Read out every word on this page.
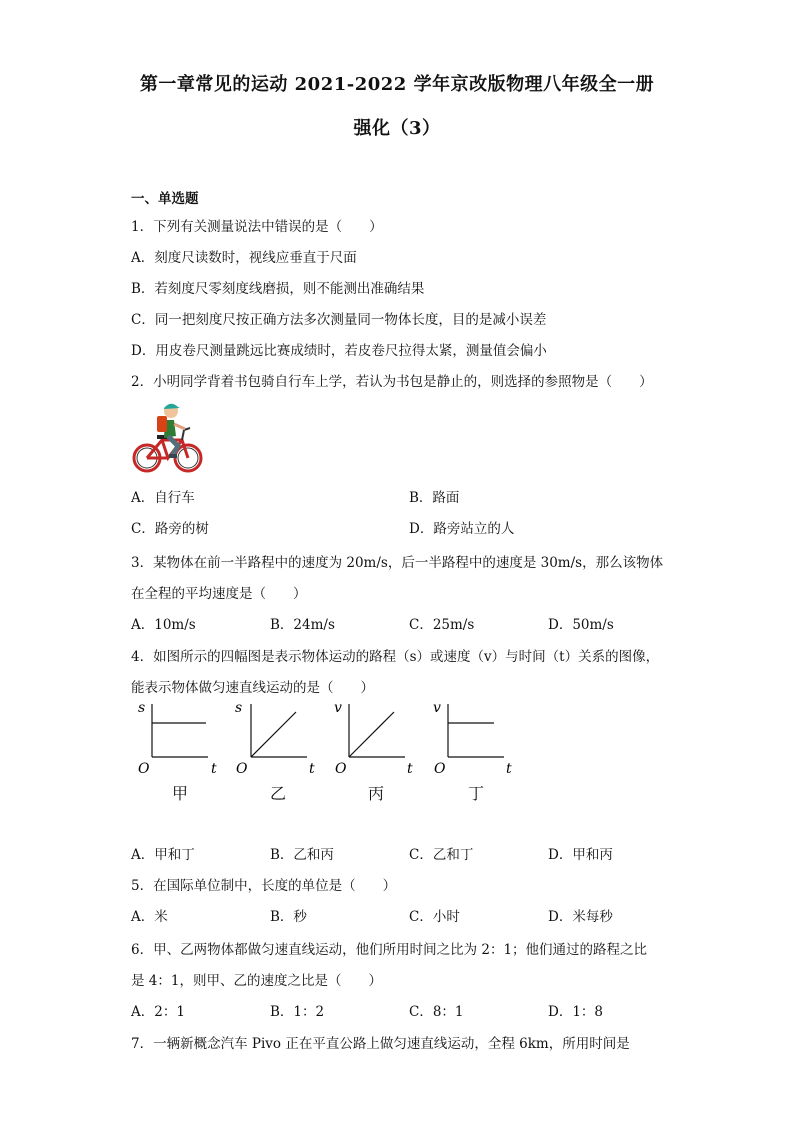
第一章常见的运动 2021-2022 学年京改版物理八年级全一册
强化（3）
一、单选题
1．下列有关测量说法中错误的是（　　）
A．刻度尺读数时，视线应垂直于尺面
B．若刻度尺零刻度线磨损，则不能测出准确结果
C．同一把刻度尺按正确方法多次测量同一物体长度，目的是减小误差
D．用皮卷尺测量跳远比赛成绩时，若皮卷尺拉得太紧，测量值会偏小
2．小明同学背着书包骑自行车上学，若认为书包是静止的，则选择的参照物是（　　）
A．自行车	B．路面
C．路旁的树	D．路旁站立的人
3．某物体在前一半路程中的速度为 20m/s，后一半路程中的速度是 30m/s，那么该物体
在全程的平均速度是（　　）
A．10m/s	B．24m/s	C．25m/s	D．50m/s
4．如图所示的四幅图是表示物体运动的路程（s）或速度（v）与时间（t）关系的图像，
能表示物体做匀速直线运动的是（　　）
s
O	t
s
O	t
v
O	t
v
O	t
甲	乙	丙	丁
A．甲和丁	B．乙和丙	C．乙和丁	D．甲和丙
5．在国际单位制中，长度的单位是（　　）
A．米	B．秒	C．小时	D．米每秒
6．甲、乙两物体都做匀速直线运动，他们所用时间之比为 2：1；他们通过的路程之比
是 4：1，则甲、乙的速度之比是（　　）
A．2：1	B．1：2	C．8：1	D．1：8
7．一辆新概念汽车 Pivo 正在平直公路上做匀速直线运动，全程 6km，所用时间是
